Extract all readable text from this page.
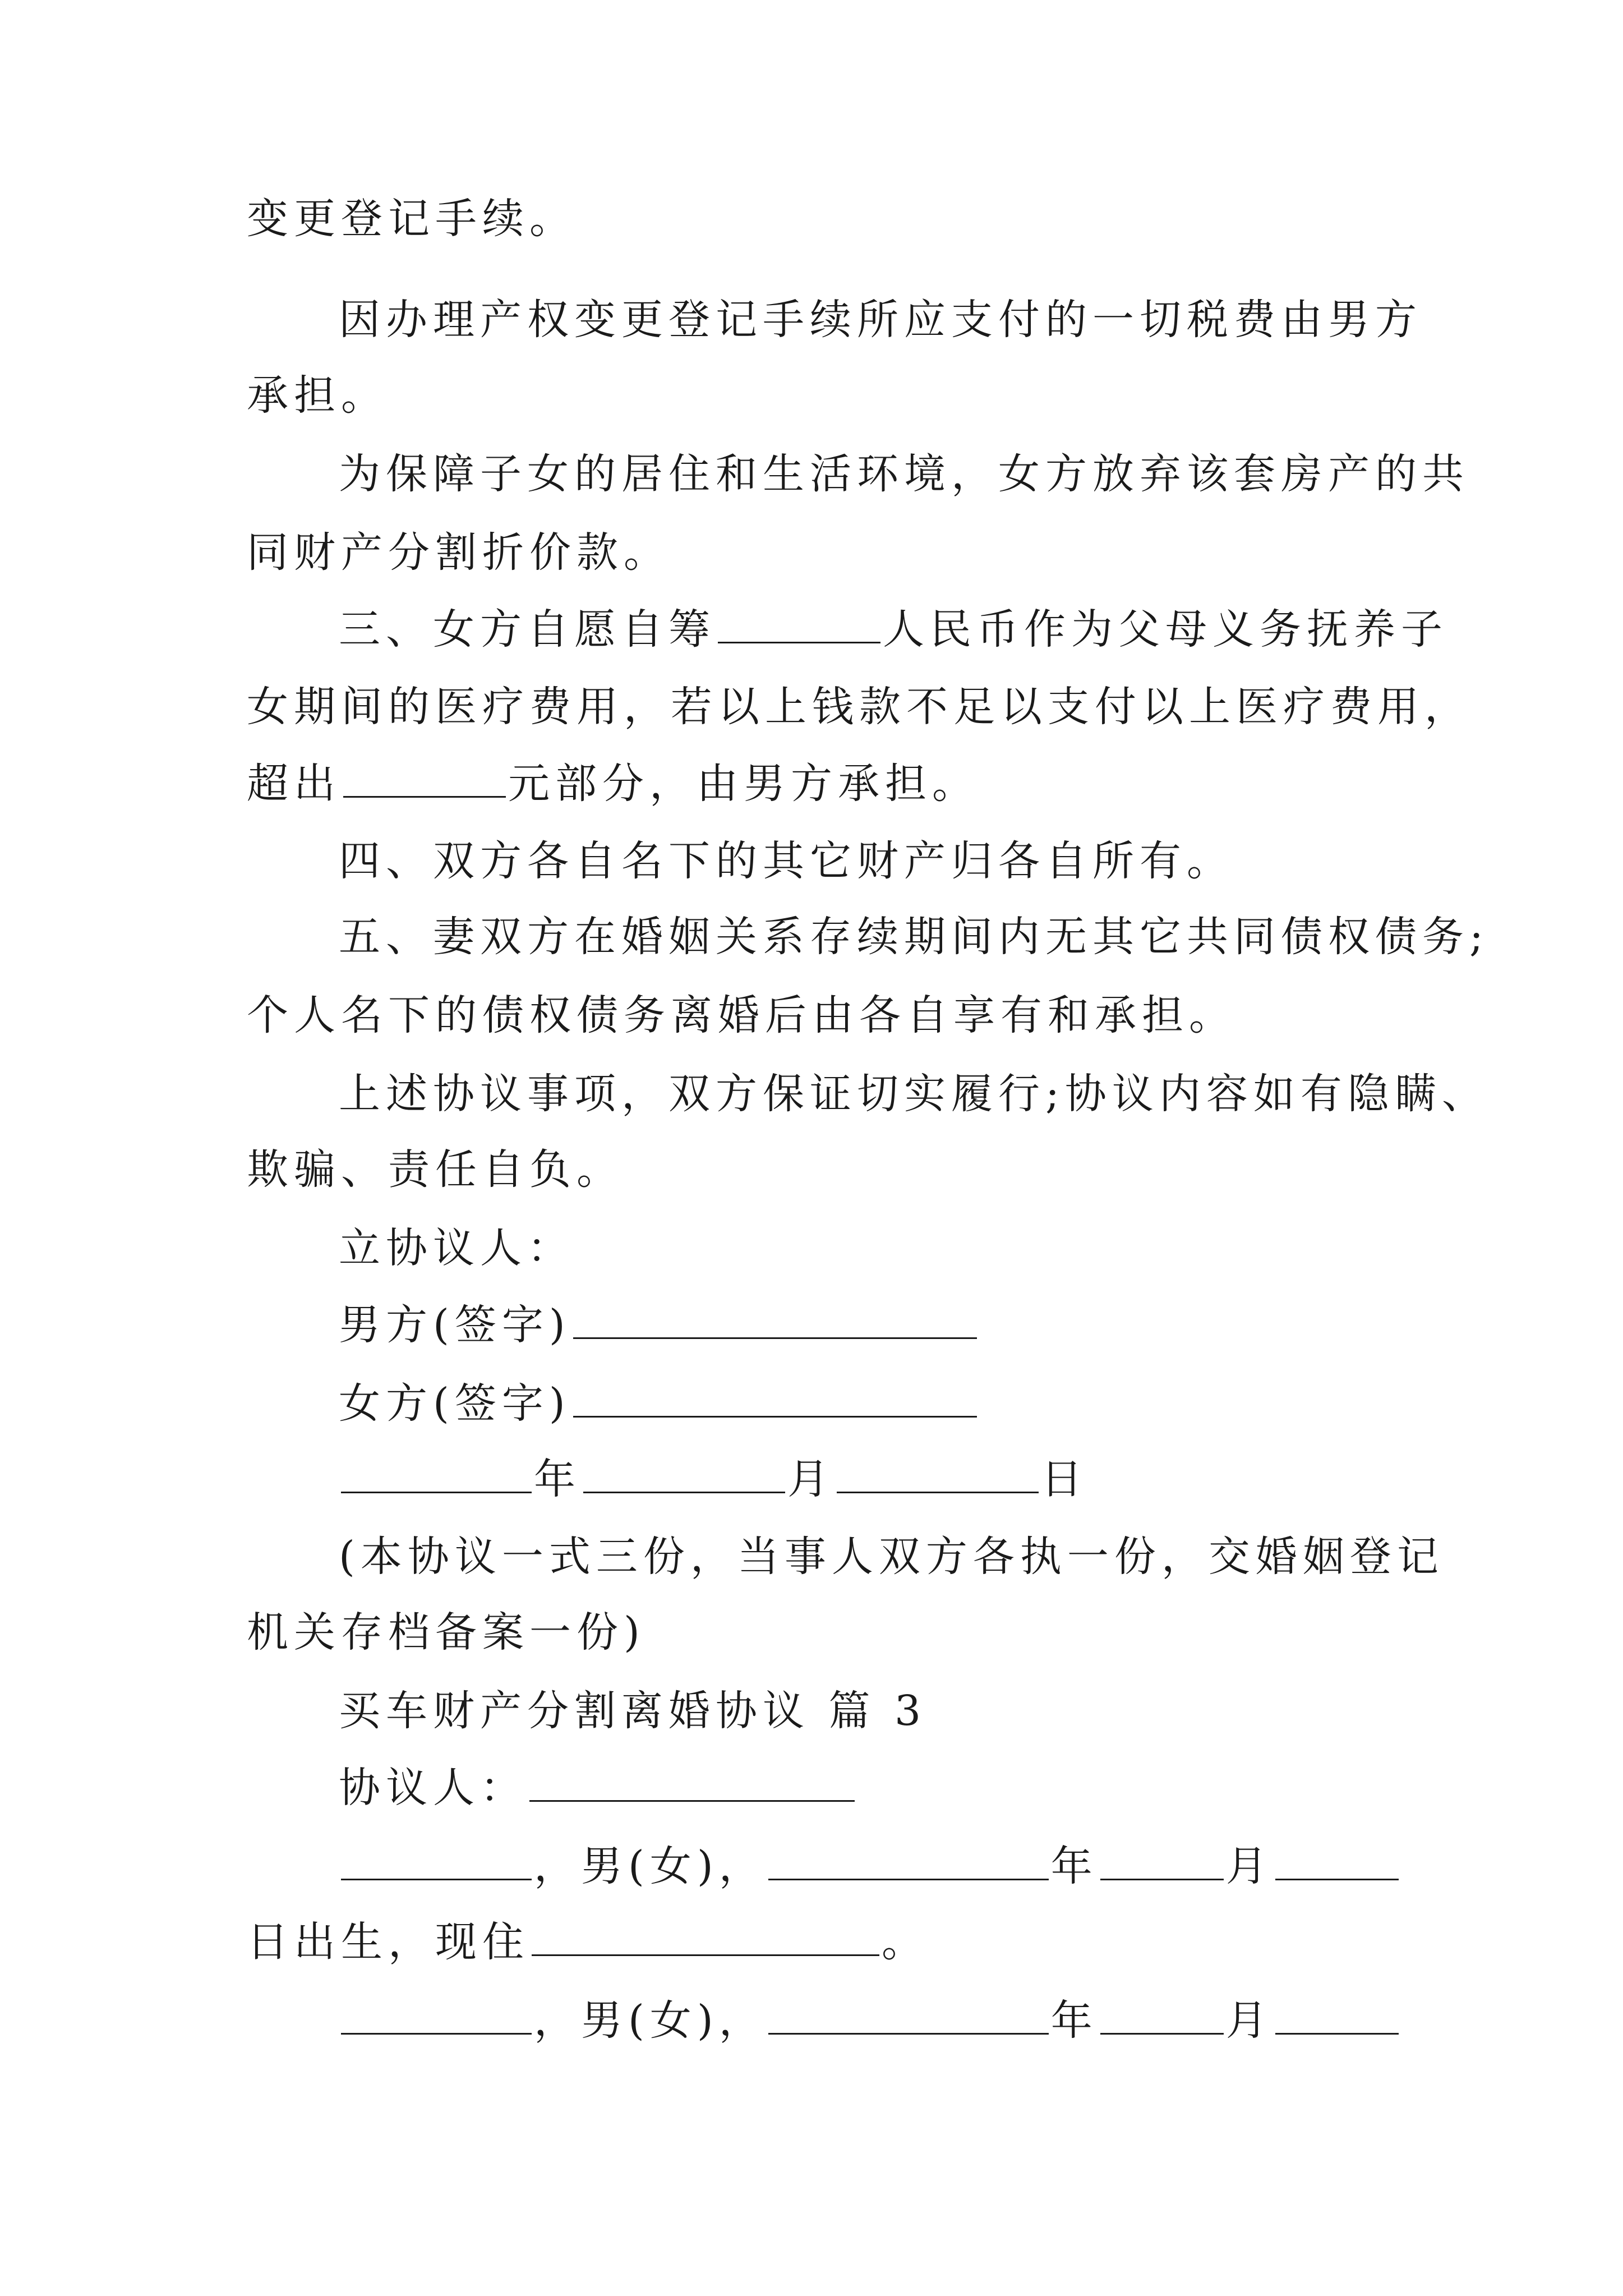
变更登记手续。
因办理产权变更登记手续所应支付的一切税费由男方
承担。
为保障子女的居住和生活环境，女方放弃该套房产的共
同财产分割折价款。
三、女方自愿自筹	人民币作为父母义务抚养子
女期间的医疗费用，若以上钱款不足以支付以上医疗费用，
超出	元部分，由男方承担。
四、双方各自名下的其它财产归各自所有。
五、妻双方在婚姻关系存续期间内无其它共同债权债务;
个人名下的债权债务离婚后由各自享有和承担。
上述协议事项，双方保证切实履行;协议内容如有隐瞒、
欺骗、责任自负。
立协议人：
男方(签字)
女方(签字)
年	月	日
(本协议一式三份，当事人双方各执一份，交婚姻登记
机关存档备案一份)
买车财产分割离婚协议 篇 3
协议人：
，男(女)，	年	月
日出生，现住	。
，男(女)，	年	月
